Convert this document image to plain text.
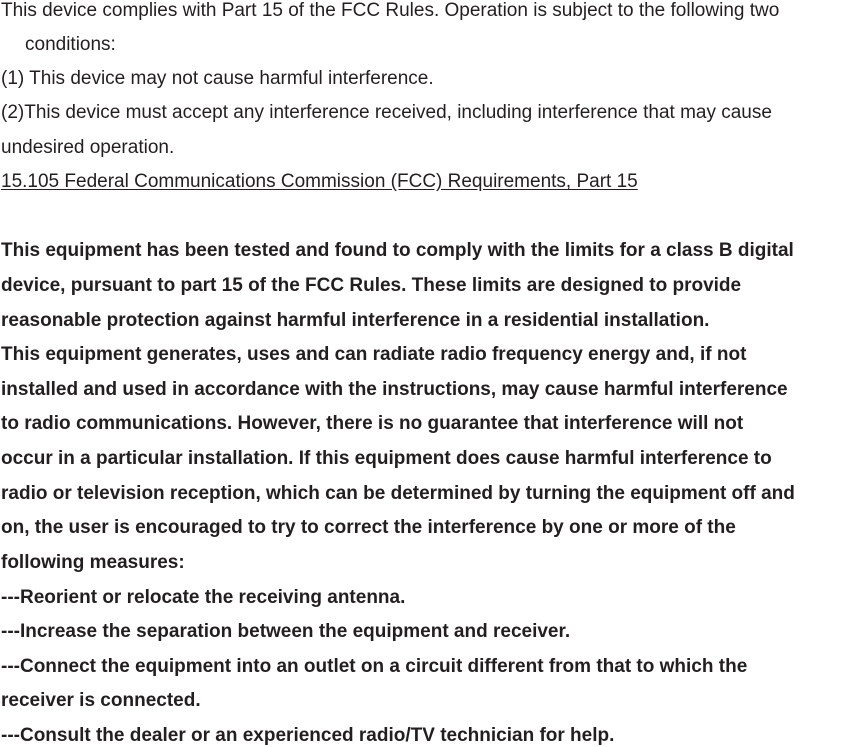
This device complies with Part 15 of the FCC Rules. Operation is subject to the following two
conditions:
(1) This device may not cause harmful interference.
(2)This device must accept any interference received, including interference that may cause
undesired operation.
15.105 Federal Communications Commission (FCC) Requirements, Part 15
This equipment has been tested and found to comply with the limits for a class B digital
device, pursuant to part 15 of the FCC Rules. These limits are designed to provide
reasonable protection against harmful interference in a residential installation.
This equipment generates, uses and can radiate radio frequency energy and, if not
installed and used in accordance with the instructions, may cause harmful interference
to radio communications. However, there is no guarantee that interference will not
occur in a particular installation. If this equipment does cause harmful interference to
radio or television reception, which can be determined by turning the equipment off and
on, the user is encouraged to try to correct the interference by one or more of the
following measures:
---Reorient or relocate the receiving antenna.
---Increase the separation between the equipment and receiver.
---Connect the equipment into an outlet on a circuit different from that to which the
receiver is connected.
---Consult the dealer or an experienced radio/TV technician for help.
